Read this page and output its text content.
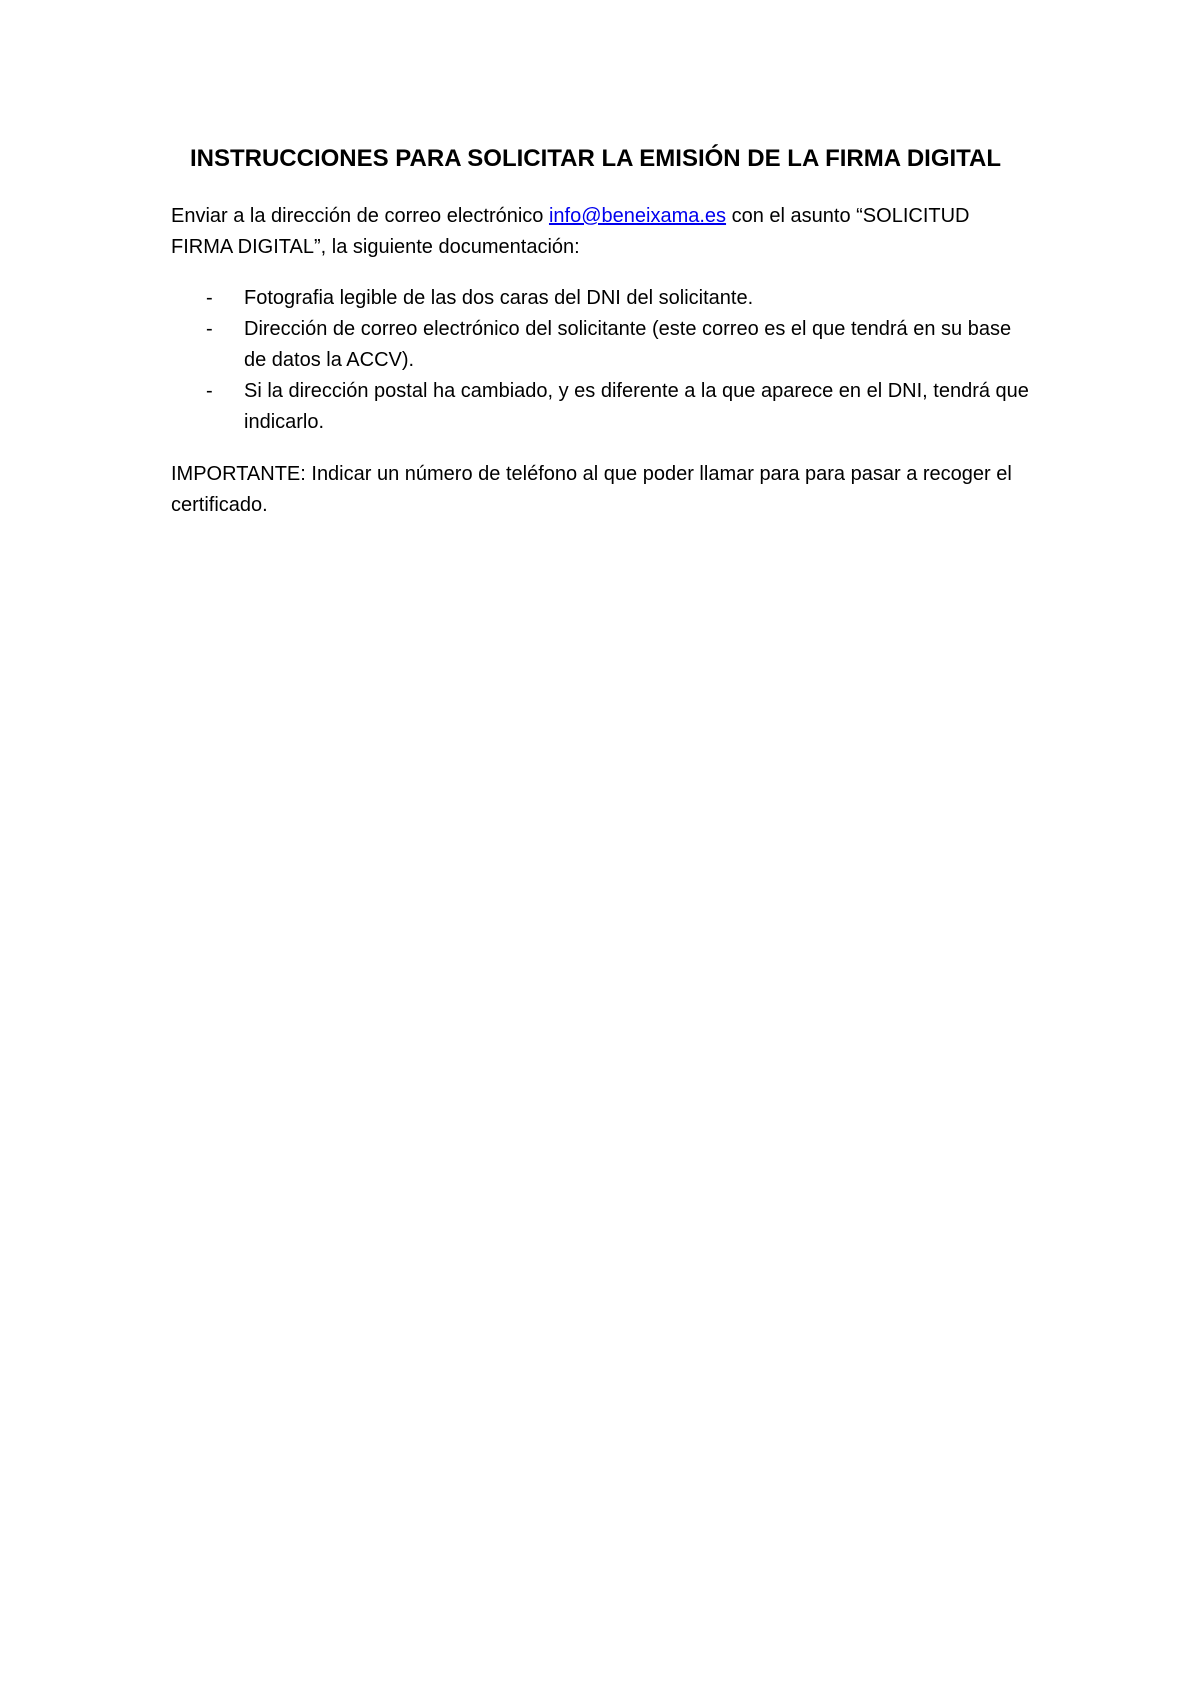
INSTRUCCIONES PARA SOLICITAR LA EMISIÓN DE LA FIRMA DIGITAL
Enviar a la dirección de correo electrónico info@beneixama.es con el asunto “SOLICITUD FIRMA DIGITAL”, la siguiente documentación:
- Fotografia legible de las dos caras del DNI del solicitante.
- Dirección de correo electrónico del solicitante (este correo es el que tendrá en su base de datos la ACCV).
- Si la dirección postal ha cambiado, y es diferente a la que aparece en el DNI, tendrá que indicarlo.
IMPORTANTE: Indicar un número de teléfono al que poder llamar para para pasar a recoger el certificado.
